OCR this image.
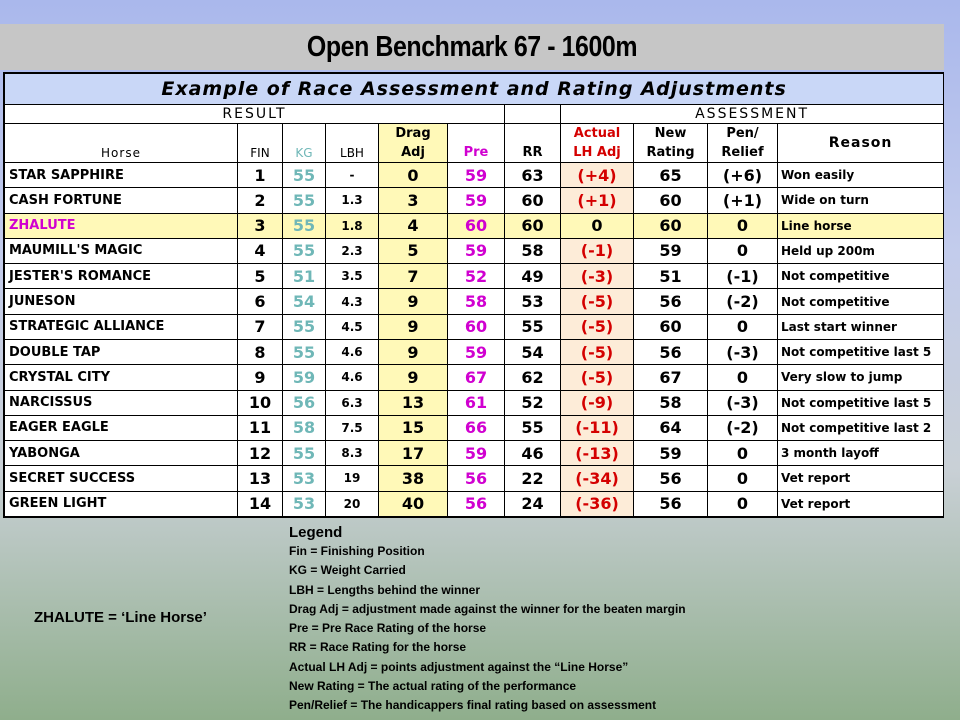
Open Benchmark 67 - 1600m
Example of Race Assessment and Rating Adjustments										
RESULT							ASSESSMENT			
				Drag			Actual	New	Pen/	Reason
Horse	FIN	KG	LBH	Adj	Pre	RR	LH Adj	Rating	Relief	
STAR SAPPHIRE	1	55	-	0	59	63	(+4)	65	(+6)	Won easily
CASH FORTUNE	2	55	1.3	3	59	60	(+1)	60	(+1)	Wide on turn
ZHALUTE	3	55	1.8	4	60	60	0	60	0	Line horse
MAUMILL'S MAGIC	4	55	2.3	5	59	58	(-1)	59	0	Held up 200m
JESTER'S ROMANCE	5	51	3.5	7	52	49	(-3)	51	(-1)	Not competitive
JUNESON	6	54	4.3	9	58	53	(-5)	56	(-2)	Not competitive
STRATEGIC ALLIANCE	7	55	4.5	9	60	55	(-5)	60	0	Last start winner
DOUBLE TAP	8	55	4.6	9	59	54	(-5)	56	(-3)	Not competitive last 5
CRYSTAL CITY	9	59	4.6	9	67	62	(-5)	67	0	Very slow to jump
NARCISSUS	10	56	6.3	13	61	52	(-9)	58	(-3)	Not competitive last 5
EAGER EAGLE	11	58	7.5	15	66	55	(-11)	64	(-2)	Not competitive last 2
YABONGA	12	55	8.3	17	59	46	(-13)	59	0	3 month layoff
SECRET SUCCESS	13	53	19	38	56	22	(-34)	56	0	Vet report
GREEN LIGHT	14	53	20	40	56	24	(-36)	56	0	Vet report
Legend
Fin = Finishing Position
KG = Weight Carried
LBH = Lengths behind the winner
Drag Adj = adjustment made against the winner for the beaten margin
Pre = Pre Race Rating of the horse
RR = Race Rating for the horse
Actual LH Adj = points adjustment against the “Line Horse”
New Rating = The actual rating of the performance
Pen/Relief = The handicappers final rating based on assessment
ZHALUTE = ‘Line Horse’
